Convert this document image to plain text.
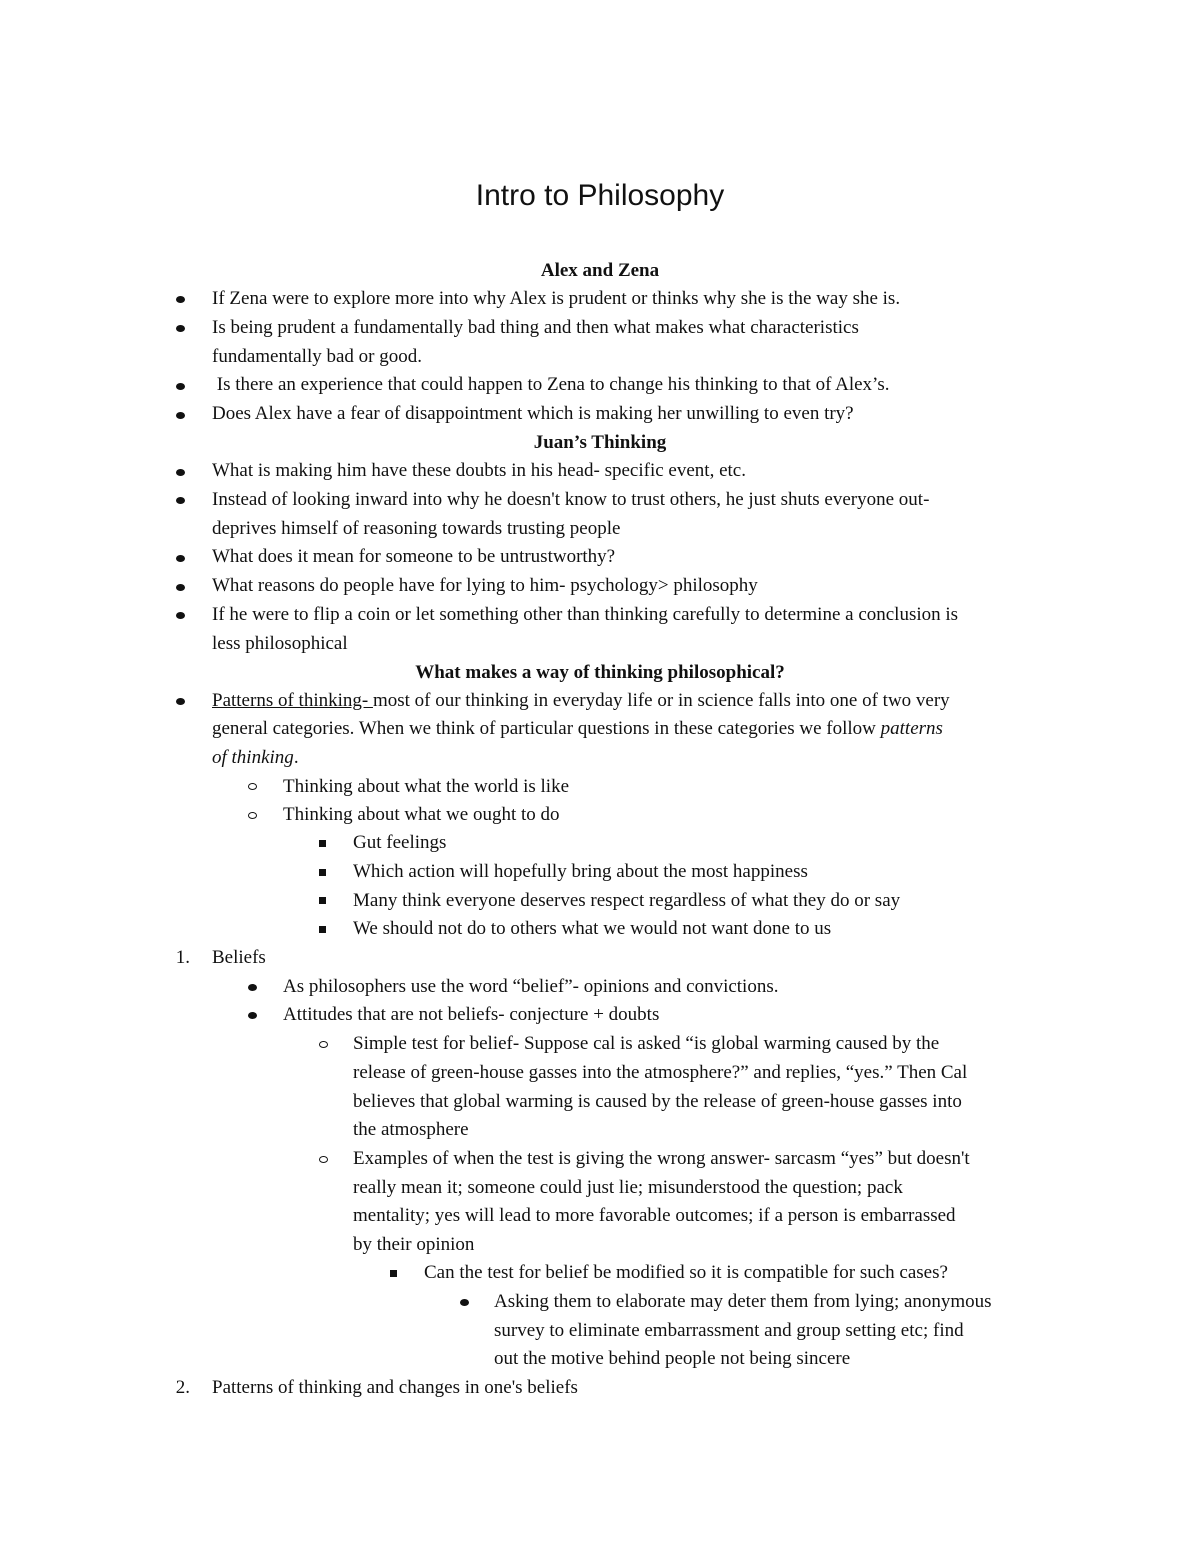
Intro to Philosophy
Alex and Zena
If Zena were to explore more into why Alex is prudent or thinks why she is the way she is.
Is being prudent a fundamentally bad thing and then what makes what characteristics
fundamentally bad or good.
Is there an experience that could happen to Zena to change his thinking to that of Alex’s.
Does Alex have a fear of disappointment which is making her unwilling to even try?
Juan’s Thinking
What is making him have these doubts in his head- specific event, etc.
Instead of looking inward into why he doesn't know to trust others, he just shuts everyone out-
deprives himself of reasoning towards trusting people
What does it mean for someone to be untrustworthy?
What reasons do people have for lying to him- psychology> philosophy
If he were to flip a coin or let something other than thinking carefully to determine a conclusion is
less philosophical
What makes a way of thinking philosophical?
Patterns of thinking- most of our thinking in everyday life or in science falls into one of two very
general categories. When we think of particular questions in these categories we follow patterns
of thinking.
Thinking about what the world is like
Thinking about what we ought to do
Gut feelings
Which action will hopefully bring about the most happiness
Many think everyone deserves respect regardless of what they do or say
We should not do to others what we would not want done to us
1. Beliefs
As philosophers use the word “belief”- opinions and convictions.
Attitudes that are not beliefs- conjecture + doubts
Simple test for belief- Suppose cal is asked “is global warming caused by the
release of green-house gasses into the atmosphere?” and replies, “yes.” Then Cal
believes that global warming is caused by the release of green-house gasses into
the atmosphere
Examples of when the test is giving the wrong answer- sarcasm “yes” but doesn't
really mean it; someone could just lie; misunderstood the question; pack
mentality; yes will lead to more favorable outcomes; if a person is embarrassed
by their opinion
Can the test for belief be modified so it is compatible for such cases?
Asking them to elaborate may deter them from lying; anonymous
survey to eliminate embarrassment and group setting etc; find
out the motive behind people not being sincere
2. Patterns of thinking and changes in one's beliefs
